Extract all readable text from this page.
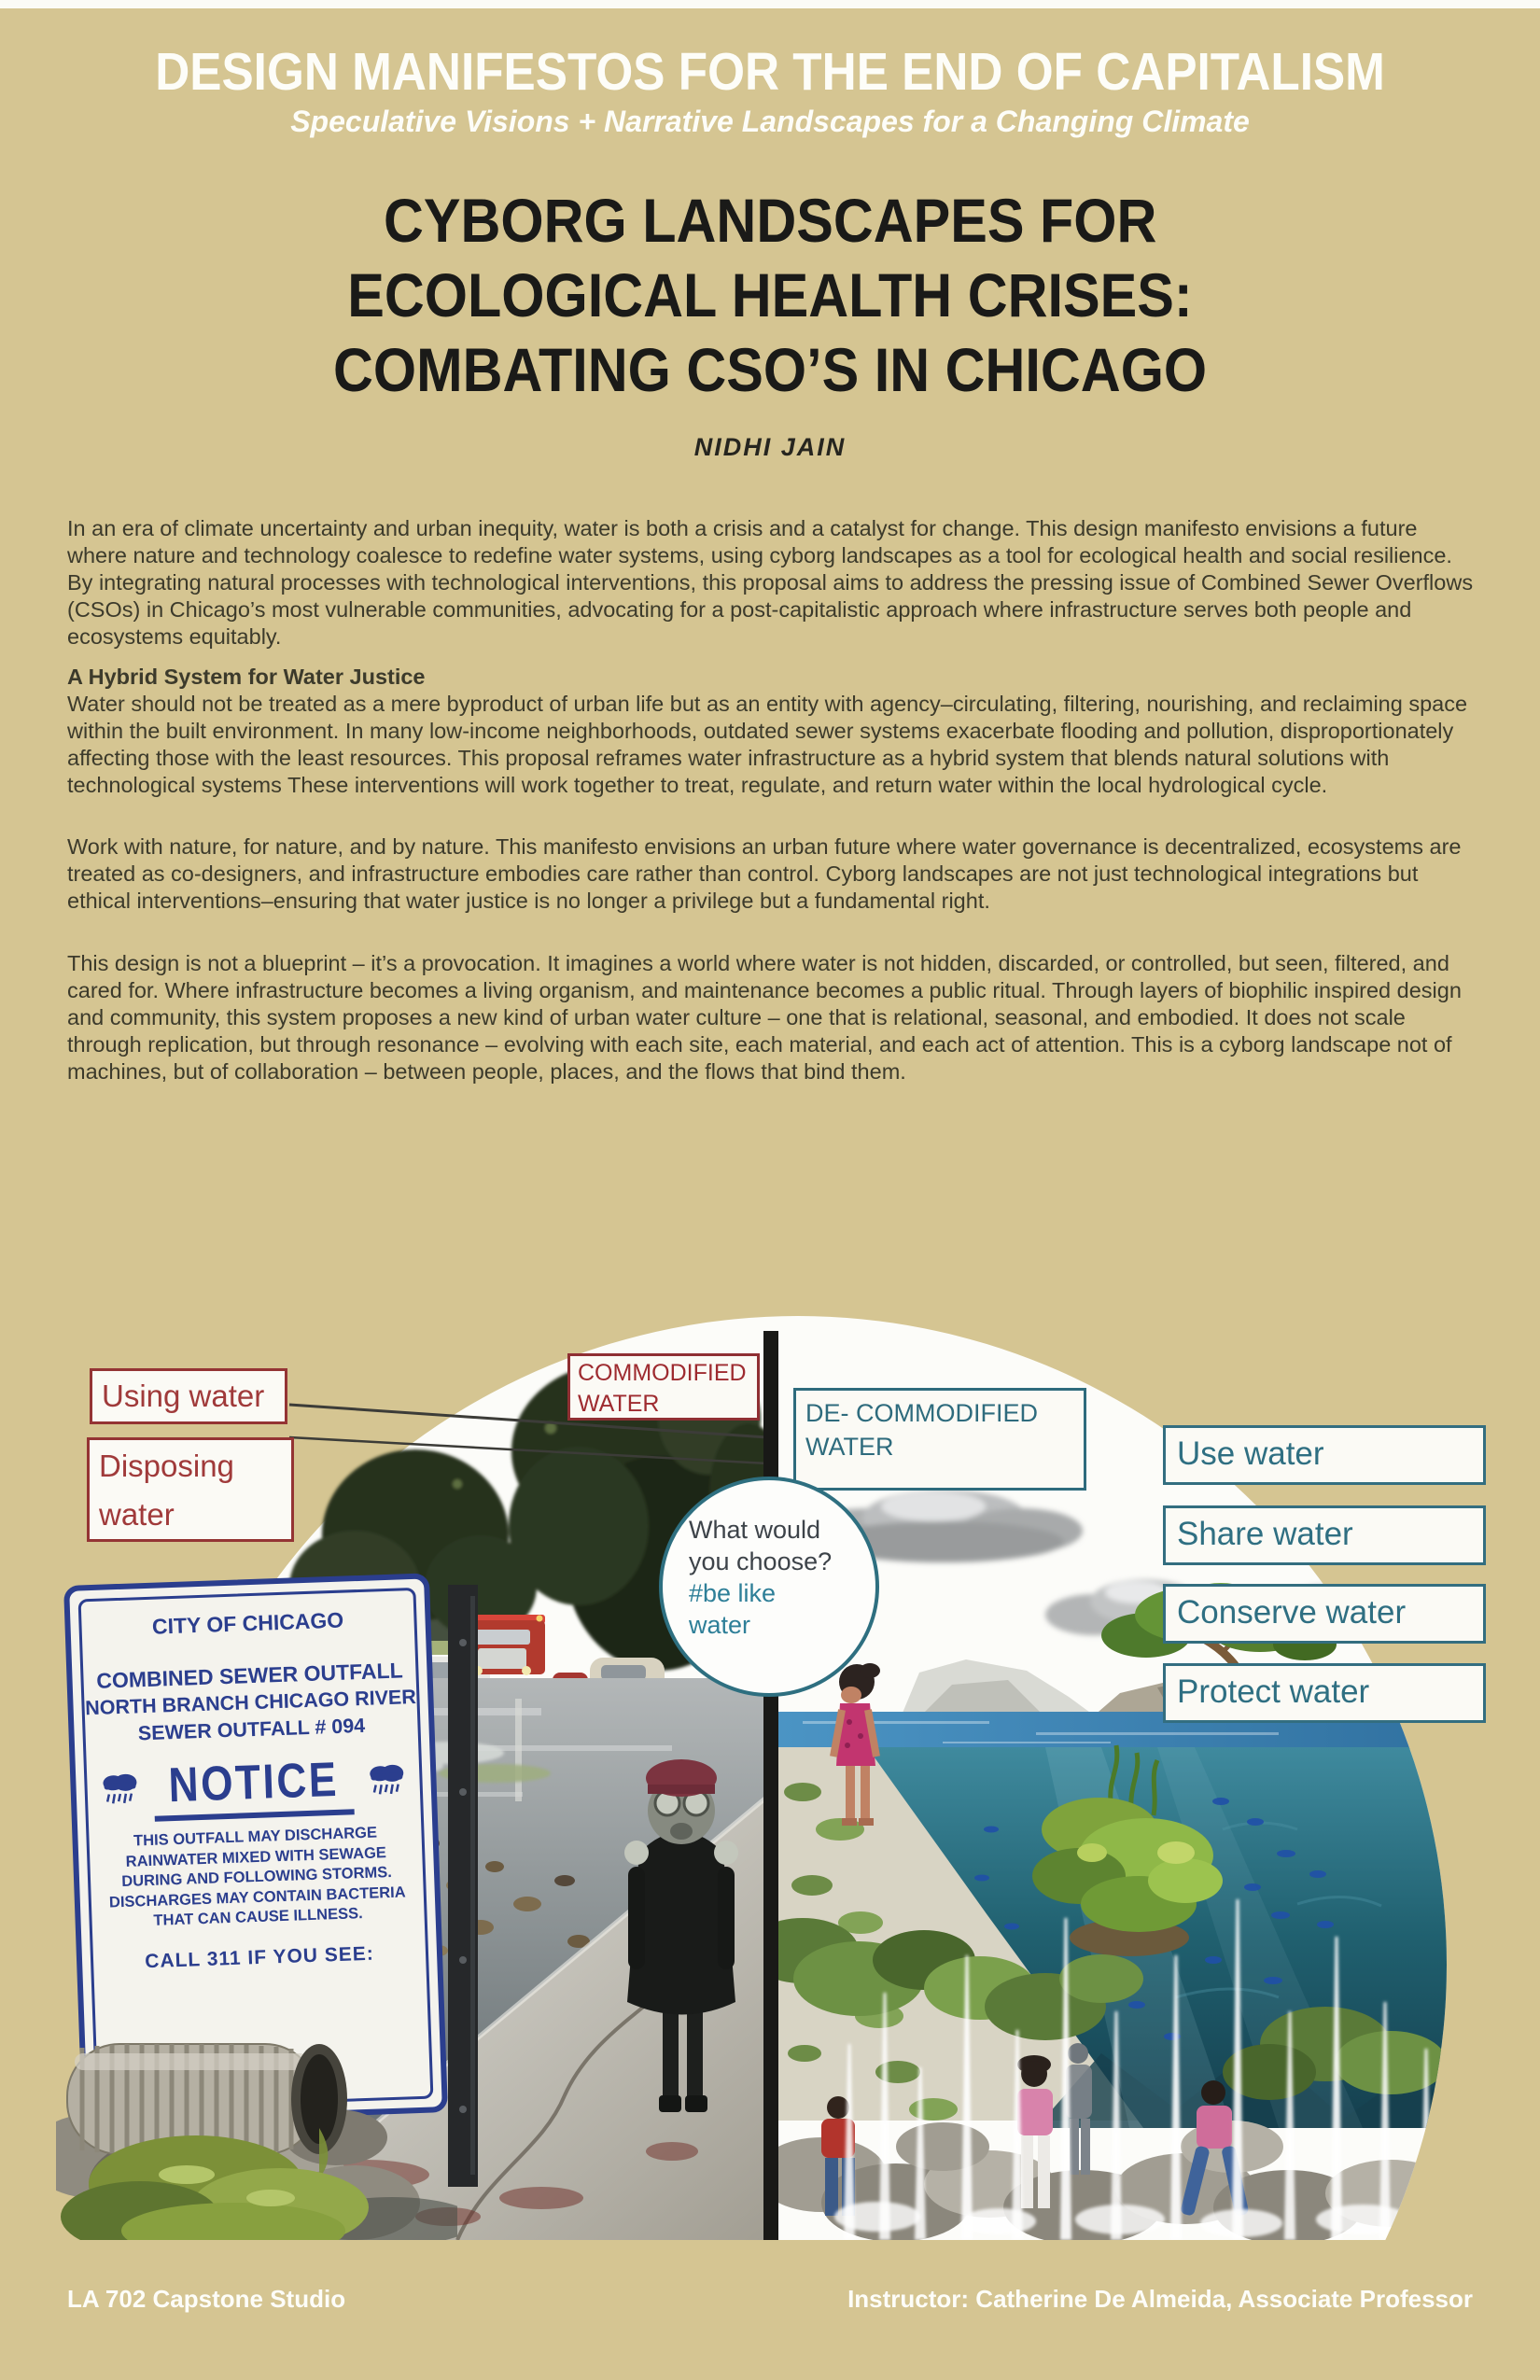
DESIGN MANIFESTOS FOR THE END OF CAPITALISM
Speculative Visions + Narrative Landscapes for a Changing Climate
CYBORG LANDSCAPES FOR
ECOLOGICAL HEALTH CRISES:
COMBATING CSO’S IN CHICAGO
NIDHI JAIN

In an era of climate uncertainty and urban inequity, water is both a crisis and a catalyst for change. This design manifesto envisions a future where nature and technology coalesce to redefine water systems, using cyborg landscapes as a tool for ecological health and social resilience. By integrating natural processes with technological interventions, this proposal aims to address the pressing issue of Combined Sewer Overflows (CSOs) in Chicago’s most vulnerable communities, advocating for a post-capitalistic approach where infrastructure serves both people and ecosystems equitably.

A Hybrid System for Water Justice

Water should not be treated as a mere byproduct of urban life but as an entity with agency–circulating, filtering, nourishing, and reclaiming space within the built environment. In many low-income neighborhoods, outdated sewer systems exacerbate flooding and pollution, disproportionately affecting those with the least resources. This proposal reframes water infrastructure as a hybrid system that blends natural solutions with technological systems These interventions will work together to treat, regulate, and return water within the local hydrological cycle.

Work with nature, for nature, and by nature. This manifesto envisions an urban future where water governance is decentralized, ecosystems are treated as co-designers, and infrastructure embodies care rather than control. Cyborg landscapes are not just technological integrations but ethical interventions–ensuring that water justice is no longer a privilege but a fundamental right.

This design is not a blueprint – it’s a provocation. It imagines a world where water is not hidden, discarded, or controlled, but seen, filtered, and cared for. Where infrastructure becomes a living organism, and maintenance becomes a public ritual. Through layers of biophilic inspired design and community, this system proposes a new kind of urban water culture – one that is relational, seasonal, and embodied. It does not scale through replication, but through resonance – evolving with each site, each material, and each act of attention. This is a cyborg landscape not of machines, but of collaboration – between people, places, and the flows that bind them.

CITY OF CHICAGO
COMBINED SEWER OUTFALL
NORTH BRANCH CHICAGO RIVER
SEWER OUTFALL # 094
NOTICE
THIS OUTFALL MAY DISCHARGE
RAINWATER MIXED WITH SEWAGE
DURING AND FOLLOWING STORMS.
DISCHARGES MAY CONTAIN BACTERIA
THAT CAN CAUSE ILLNESS.
CALL 311 IF YOU SEE:
Using water
Disposing water
COMMODIFIED WATER	DE- COMMODIFIED WATER	Use water
Share water
Conserve water
Protect water
What would
you choose?
#be like water
LA 702 Capstone Studio	Instructor: Catherine De Almeida, Associate Professor
